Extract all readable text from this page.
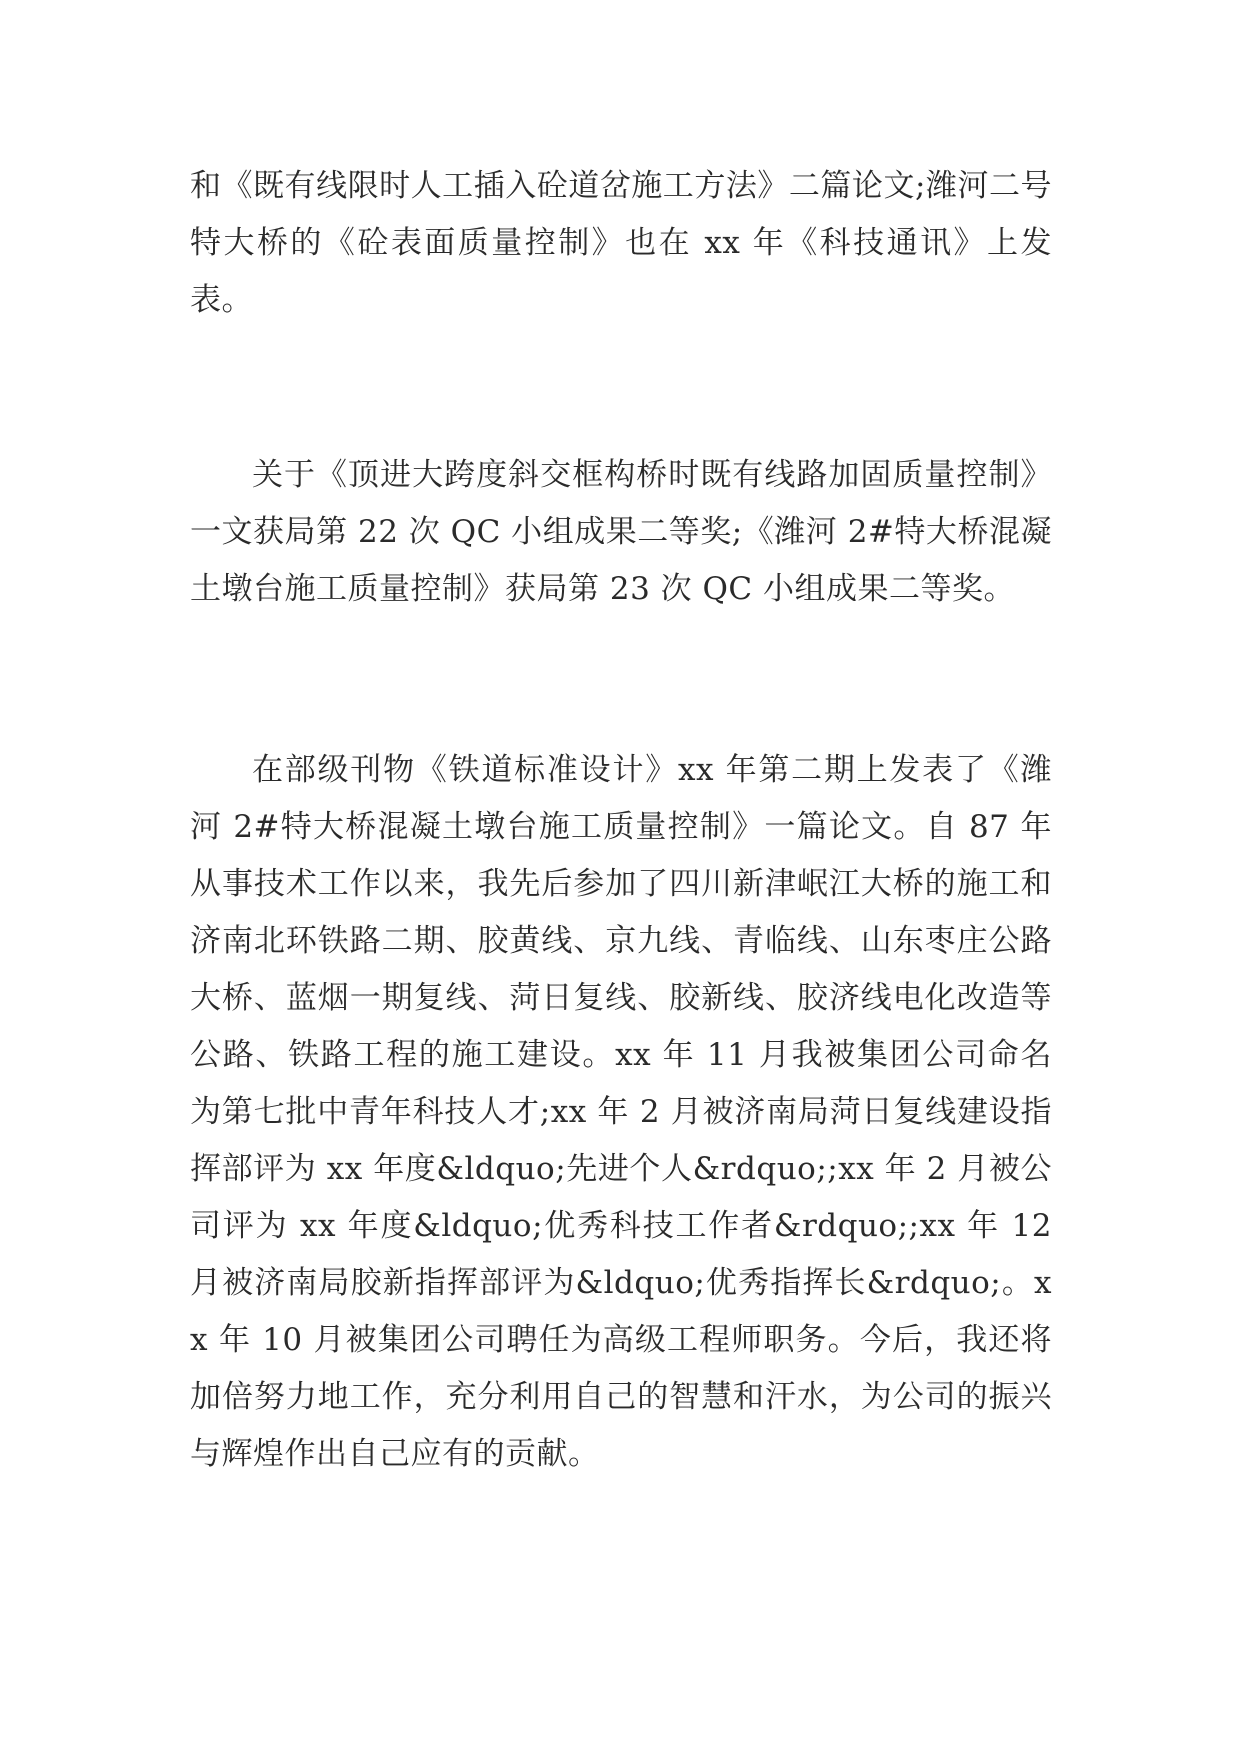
和《既有线限时人工插入砼道岔施工方法》二篇论文;潍河二号特大桥的《砼表面质量控制》也在 xx 年《科技通讯》上发表。

关于《顶进大跨度斜交框构桥时既有线路加固质量控制》一文获局第 22 次 QC 小组成果二等奖;《潍河 2#特大桥混凝土墩台施工质量控制》获局第 23 次 QC 小组成果二等奖。

在部级刊物《铁道标准设计》xx 年第二期上发表了《潍河 2#特大桥混凝土墩台施工质量控制》一篇论文。自 87 年从事技术工作以来，我先后参加了四川新津岷江大桥的施工和济南北环铁路二期、胶黄线、京九线、青临线、山东枣庄公路大桥、蓝烟一期复线、菏日复线、胶新线、胶济线电化改造等公路、铁路工程的施工建设。xx 年 11 月我被集团公司命名为第七批中青年科技人才;xx 年 2 月被济南局菏日复线建设指挥部评为 xx 年度&ldquo;先进个人&rdquo;;xx 年 2 月被公司评为 xx 年度&ldquo;优秀科技工作者&rdquo;;xx 年 12 月被济南局胶新指挥部评为&ldquo;优秀指挥长&rdquo;。xx 年 10 月被集团公司聘任为高级工程师职务。今后，我还将加倍努力地工作，充分利用自己的智慧和汗水，为公司的振兴与辉煌作出自己应有的贡献。
